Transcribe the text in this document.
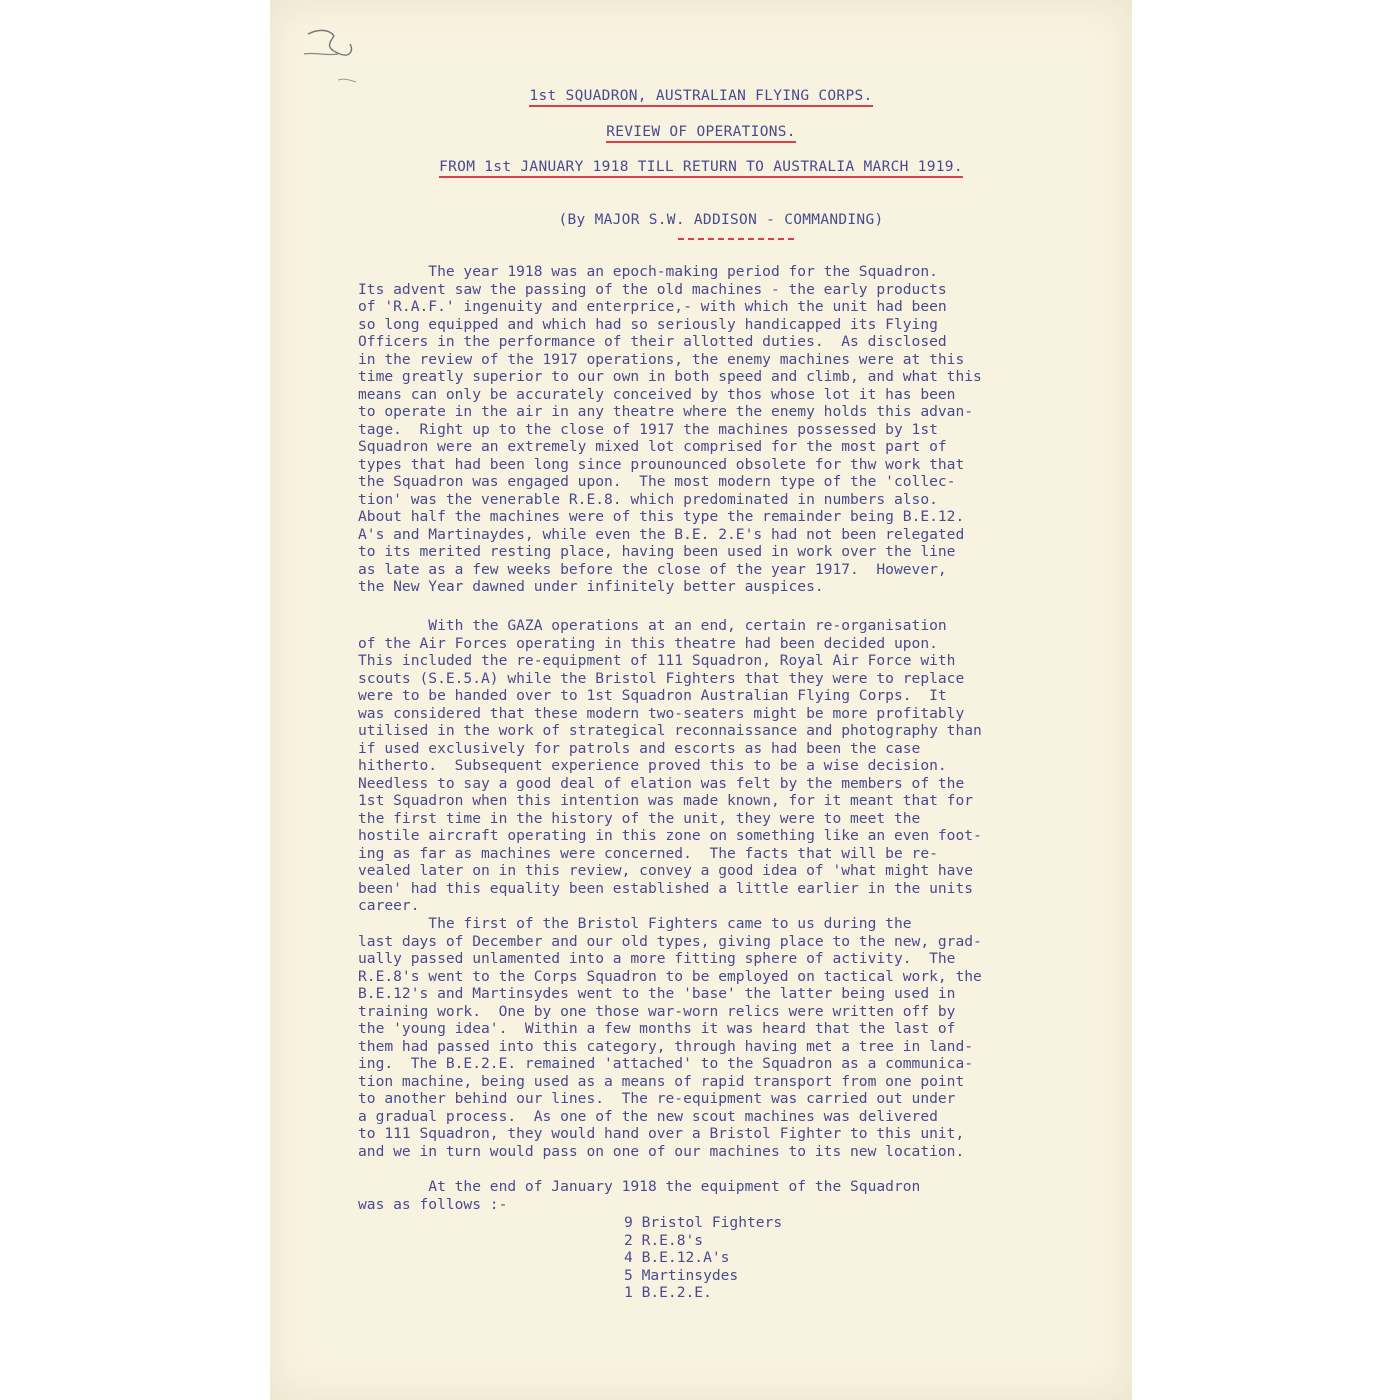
1st SQUADRON, AUSTRALIAN FLYING CORPS.
REVIEW OF OPERATIONS.
FROM 1st JANUARY 1918 TILL RETURN TO AUSTRALIA MARCH 1919.
(By MAJOR S.W. ADDISON - COMMANDING)
The year 1918 was an epoch-making period for the Squadron.
Its advent saw the passing of the old machines - the early products
of 'R.A.F.' ingenuity and enterprice,- with which the unit had been
so long equipped and which had so seriously handicapped its Flying
Officers in the performance of their allotted duties.  As disclosed
in the review of the 1917 operations, the enemy machines were at this
time greatly superior to our own in both speed and climb, and what this
means can only be accurately conceived by thos whose lot it has been
to operate in the air in any theatre where the enemy holds this advan-
tage.  Right up to the close of 1917 the machines possessed by 1st
Squadron were an extremely mixed lot comprised for the most part of
types that had been long since prounounced obsolete for thw work that
the Squadron was engaged upon.  The most modern type of the 'collec-
tion' was the venerable R.E.8. which predominated in numbers also.
About half the machines were of this type the remainder being B.E.12.
A's and Martinaydes, while even the B.E. 2.E's had not been relegated
to its merited resting place, having been used in work over the line
as late as a few weeks before the close of the year 1917.  However,
the New Year dawned under infinitely better auspices.
With the GAZA operations at an end, certain re-organisation
of the Air Forces operating in this theatre had been decided upon.
This included the re-equipment of 111 Squadron, Royal Air Force with
scouts (S.E.5.A) while the Bristol Fighters that they were to replace
were to be handed over to 1st Squadron Australian Flying Corps.  It
was considered that these modern two-seaters might be more profitably
utilised in the work of strategical reconnaissance and photography than
if used exclusively for patrols and escorts as had been the case
hitherto.  Subsequent experience proved this to be a wise decision.
Needless to say a good deal of elation was felt by the members of the
1st Squadron when this intention was made known, for it meant that for
the first time in the history of the unit, they were to meet the
hostile aircraft operating in this zone on something like an even foot-
ing as far as machines were concerned.  The facts that will be re-
vealed later on in this review, convey a good idea of 'what might have
been' had this equality been established a little earlier in the units
career.
The first of the Bristol Fighters came to us during the
last days of December and our old types, giving place to the new, grad-
ually passed unlamented into a more fitting sphere of activity.  The
R.E.8's went to the Corps Squadron to be employed on tactical work, the
B.E.12's and Martinsydes went to the 'base' the latter being used in
training work.  One by one those war-worn relics were written off by
the 'young idea'.  Within a few months it was heard that the last of
them had passed into this category, through having met a tree in land-
ing.  The B.E.2.E. remained 'attached' to the Squadron as a communica-
tion machine, being used as a means of rapid transport from one point
to another behind our lines.  The re-equipment was carried out under
a gradual process.  As one of the new scout machines was delivered
to 111 Squadron, they would hand over a Bristol Fighter to this unit,
and we in turn would pass on one of our machines to its new location.
At the end of January 1918 the equipment of the Squadron
was as follows :-
9 Bristol Fighters
2 R.E.8's
4 B.E.12.A's
5 Martinsydes
1 B.E.2.E.
